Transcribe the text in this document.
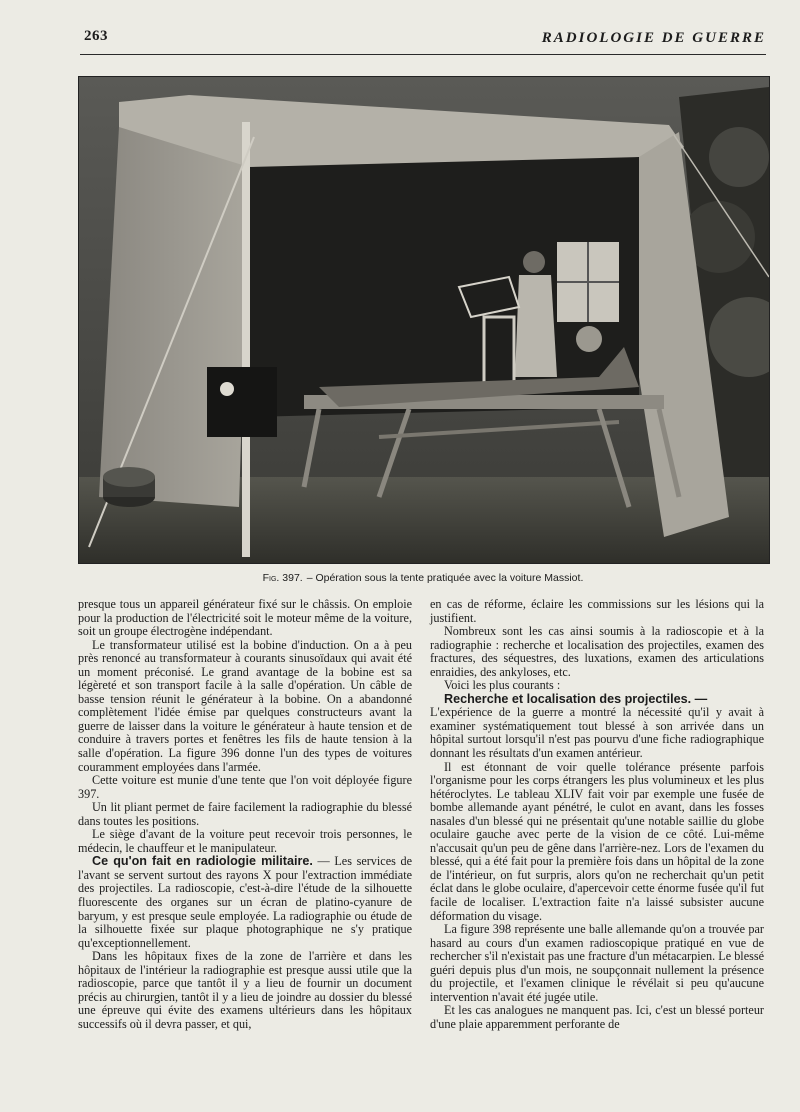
263	RADIOLOGIE DE GUERRE
Fig. 397. – Opération sous la tente pratiquée avec la voiture Massiot.

presque tous un appareil générateur fixé sur le châssis. On emploie pour la production de l'électricité soit le moteur même de la voiture, soit un groupe électrogène indépendant.

Le transformateur utilisé est la bobine d'induction. On a à peu près renoncé au transformateur à courants sinusoïdaux qui avait été un moment préconisé. Le grand avantage de la bobine est sa légèreté et son transport facile à la salle d'opération. Un câble de basse tension réunit le générateur à la bobine. On a abandonné complètement l'idée émise par quelques constructeurs avant la guerre de laisser dans la voiture le générateur à haute tension et de conduire à travers portes et fenêtres les fils de haute tension à la salle d'opération. La figure 396 donne l'un des types de voitures couramment employées dans l'armée.

Cette voiture est munie d'une tente que l'on voit déployée figure 397.

Un lit pliant permet de faire facilement la radiographie du blessé dans toutes les positions.

Le siège d'avant de la voiture peut recevoir trois personnes, le médecin, le chauffeur et le manipulateur.

Ce qu'on fait en radiologie militaire. — Les services de l'avant se servent surtout des rayons X pour l'extraction immédiate des projectiles. La radioscopie, c'est-à-dire l'étude de la silhouette fluorescente des organes sur un écran de platino-cyanure de baryum, y est presque seule employée. La radiographie ou étude de la silhouette fixée sur plaque photographique ne s'y pratique qu'exceptionnellement.

Dans les hôpitaux fixes de la zone de l'arrière et dans les hôpitaux de l'intérieur la radiographie est presque aussi utile que la radioscopie, parce que tantôt il y a lieu de fournir un document précis au chirurgien, tantôt il y a lieu de joindre au dossier du blessé une épreuve qui évite des examens ultérieurs dans les hôpitaux successifs où il devra passer, et qui,

en cas de réforme, éclaire les commissions sur les lésions qui la justifient.

Nombreux sont les cas ainsi soumis à la radioscopie et à la radiographie : recherche et localisation des projectiles, examen des fractures, des séquestres, des luxations, examen des articulations enraidies, des ankyloses, etc.

Voici les plus courants :

Recherche et localisation des projectiles. —

L'expérience de la guerre a montré la nécessité qu'il y avait à examiner systématiquement tout blessé à son arrivée dans un hôpital surtout lorsqu'il n'est pas pourvu d'une fiche radiographique donnant les résultats d'un examen antérieur.

Il est étonnant de voir quelle tolérance présente parfois l'organisme pour les corps étrangers les plus volumineux et les plus hétéroclytes. Le tableau XLIV fait voir par exemple une fusée de bombe allemande ayant pénétré, le culot en avant, dans les fosses nasales d'un blessé qui ne présentait qu'une notable saillie du globe oculaire gauche avec perte de la vision de ce côté. Lui-même n'accusait qu'un peu de gêne dans l'arrière-nez. Lors de l'examen du blessé, qui a été fait pour la première fois dans un hôpital de la zone de l'intérieur, on fut surpris, alors qu'on ne recherchait qu'un petit éclat dans le globe oculaire, d'apercevoir cette énorme fusée qu'il fut facile de localiser. L'extraction faite n'a laissé subsister aucune déformation du visage.

La figure 398 représente une balle allemande qu'on a trouvée par hasard au cours d'un examen radioscopique pratiqué en vue de rechercher s'il n'existait pas une fracture d'un métacarpien. Le blessé guéri depuis plus d'un mois, ne soupçonnait nullement la présence du projectile, et l'examen clinique le révélait si peu qu'aucune intervention n'avait été jugée utile.

Et les cas analogues ne manquent pas. Ici, c'est un blessé porteur d'une plaie apparemment perforante de
